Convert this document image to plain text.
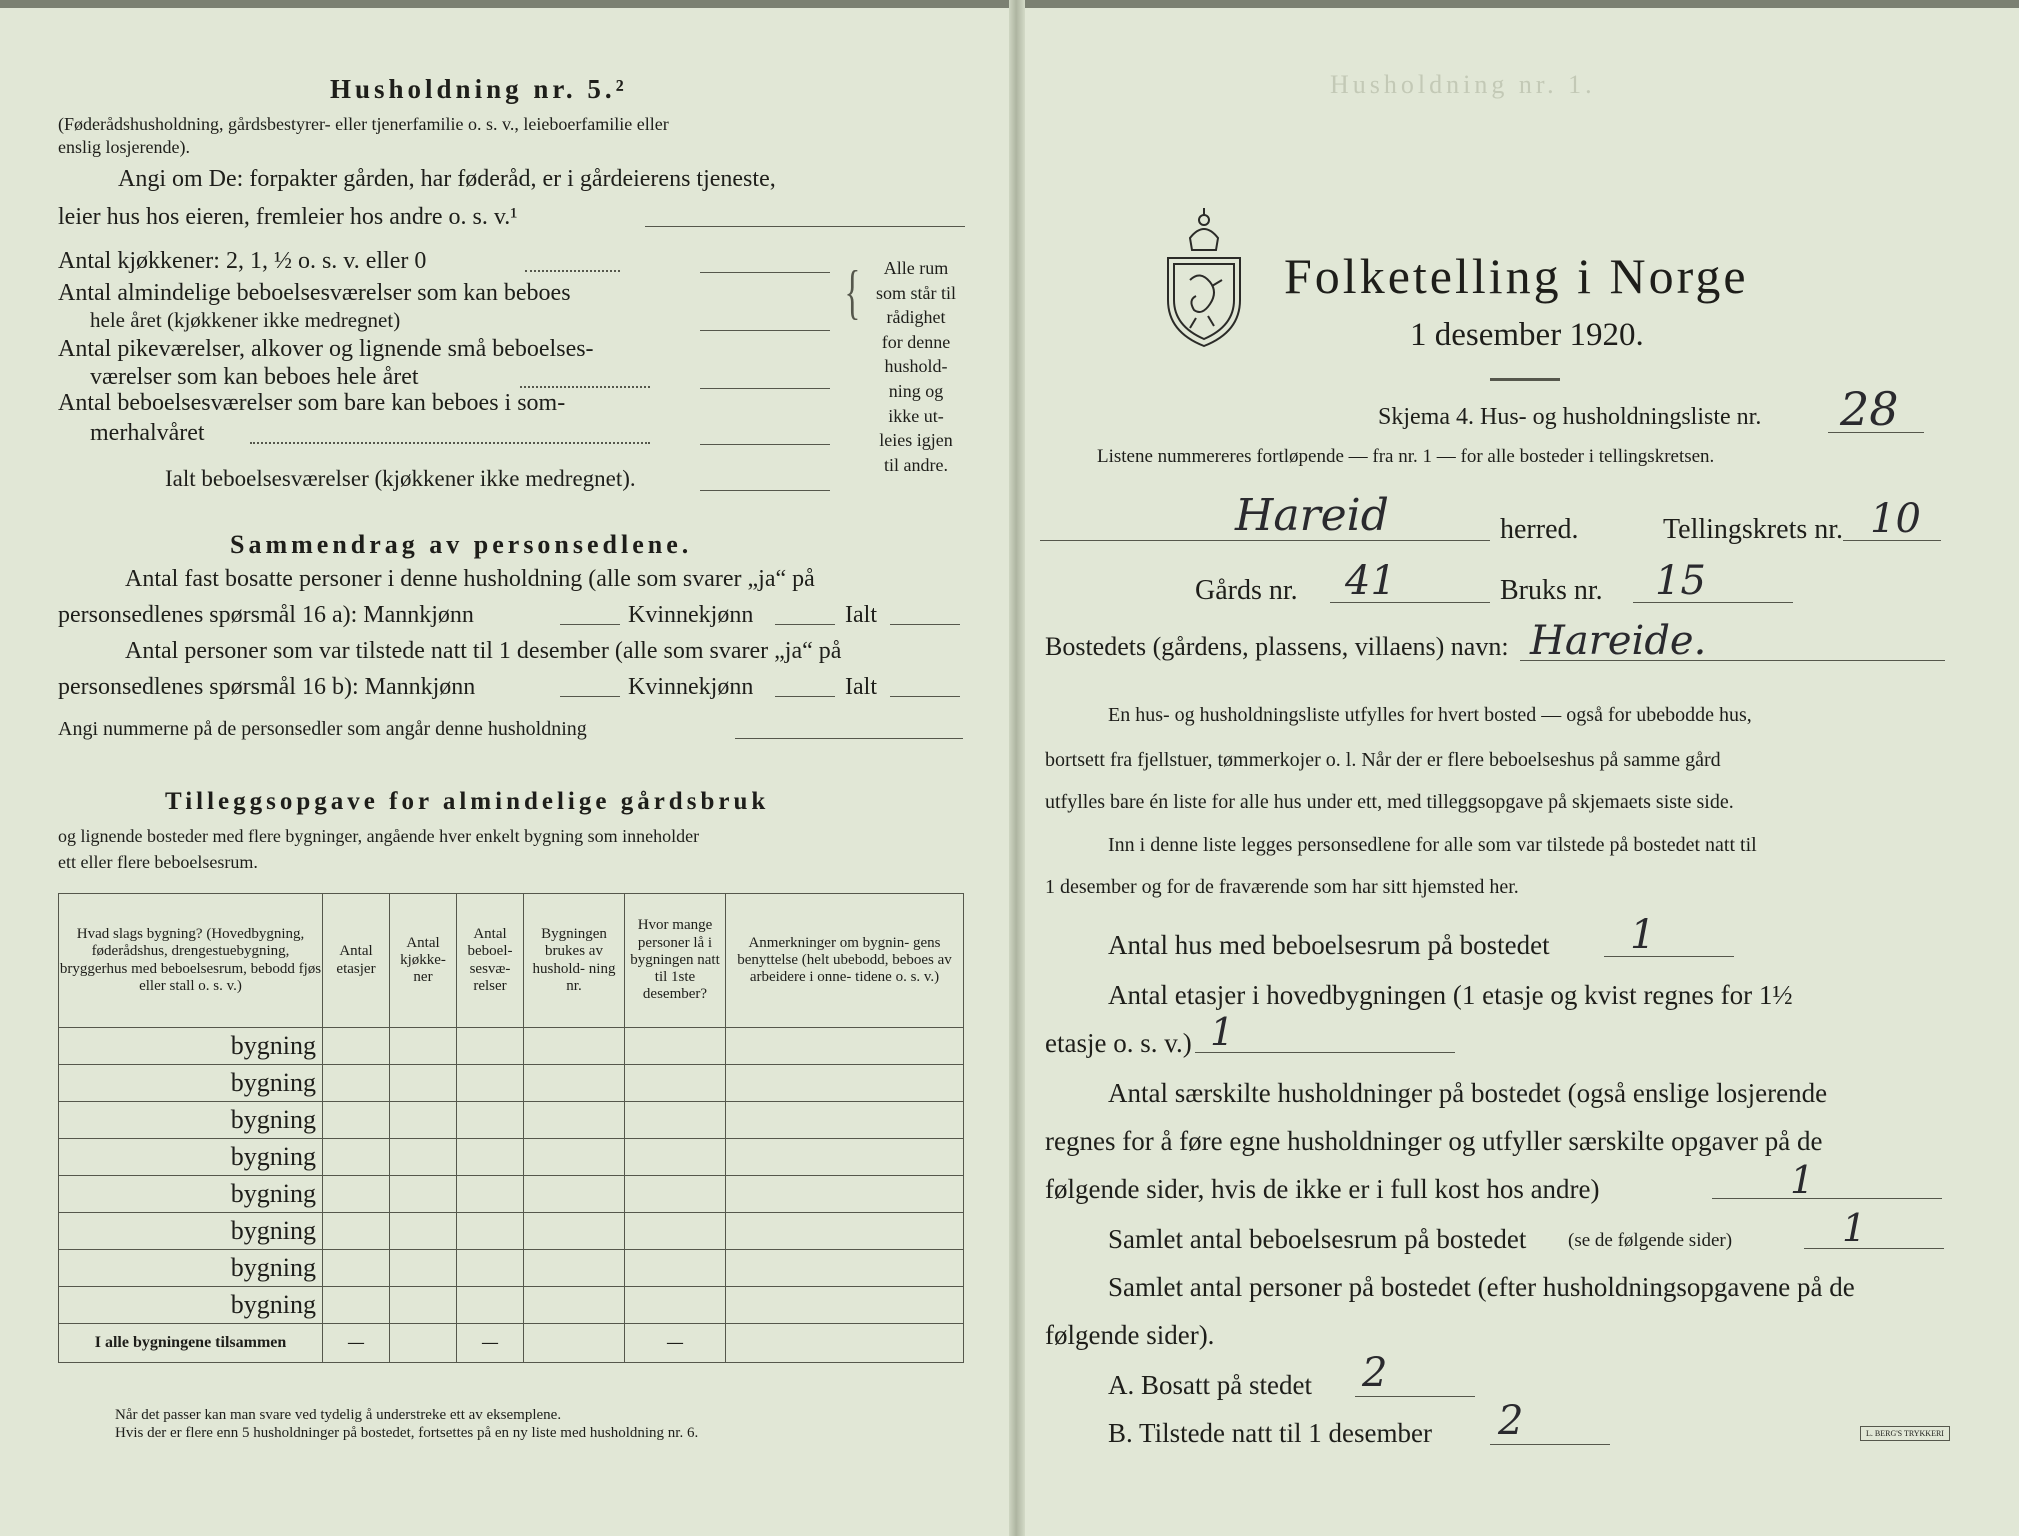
Husholdning nr. 1.
Husholdning nr. 5.²
(Føderådshusholdning, gårdsbestyrer- eller tjenerfamilie o. s. v., leieboerfamilie eller
enslig losjerende).
Angi om De: forpakter gården, har føderåd, er i gårdeierens tjeneste,
leier hus hos eieren, fremleier hos andre o. s. v.¹
Antal kjøkkener: 2, 1, ½ o. s. v. eller 0
Antal almindelige beboelsesværelser som kan beboes
hele året (kjøkkener ikke medregnet)
Antal pikeværelser, alkover og lignende små beboelses-
værelser som kan beboes hele året
Antal beboelsesværelser som bare kan beboes i som-
merhalvåret
Ialt beboelsesværelser (kjøkkener ikke medregnet).
{	Alle rum
som står til
rådighet
for denne
hushold-
ning og
ikke ut-
leies igjen
til andre.
Sammendrag av personsedlene.
Antal fast bosatte personer i denne husholdning (alle som svarer „ja“ på
personsedlenes spørsmål 16 a): Mannkjønn	Kvinnekjønn	Ialt
Antal personer som var tilstede natt til 1 desember (alle som svarer „ja“ på
personsedlenes spørsmål 16 b): Mannkjønn	Kvinnekjønn	Ialt
Angi nummerne på de personsedler som angår denne husholdning
Tilleggsopgave for almindelige gårdsbruk
og lignende bosteder med flere bygninger, angående hver enkelt bygning som inneholder
ett eller flere beboelsesrum.
Hvad slags bygning? (Hovedbygning, føderådshus, drengestuebygning, bryggerhus med beboelsesrum, bebodd fjøs eller stall o. s. v.)	Antal etasjer	Antal kjøkke- ner	Antal beboel- sesvæ- relser	Bygningen brukes av hushold- ning nr.	Hvor mange personer lå i bygningen natt til 1ste desember?	Anmerkninger om bygnin- gens benyttelse (helt ubebodd, beboes av arbeidere i onne- tidene o. s. v.)
bygning						
bygning						
bygning						
bygning						
bygning						
bygning						
bygning						
bygning						
I alle bygningene tilsammen	—		—		—	
Når det passer kan man svare ved tydelig å understreke ett av eksemplene.
Hvis der er flere enn 5 husholdninger på bostedet, fortsettes på en ny liste med husholdning nr. 6.
Folketelling i Norge
1 desember 1920.
Skjema 4. Hus- og husholdningsliste nr. 28
Listene nummereres fortløpende — fra nr. 1 — for alle bosteder i tellingskretsen.
Hareid	herred.	Tellingskrets nr. 10
Gårds nr. 41	Bruks nr. 15
Bostedets (gårdens, plassens, villaens) navn: Hareide.
En hus- og husholdningsliste utfylles for hvert bosted — også for ubebodde hus,
bortsett fra fjellstuer, tømmerkojer o. l. Når der er flere beboelseshus på samme gård
utfylles bare én liste for alle hus under ett, med tilleggsopgave på skjemaets siste side.
Inn i denne liste legges personsedlene for alle som var tilstede på bostedet natt til
1 desember og for de fraværende som har sitt hjemsted her.
Antal hus med beboelsesrum på bostedet 1
Antal etasjer i hovedbygningen (1 etasje og kvist regnes for 1½
etasje o. s. v.) 1
Antal særskilte husholdninger på bostedet (også enslige losjerende
regnes for å føre egne husholdninger og utfyller særskilte opgaver på de
følgende sider, hvis de ikke er i full kost hos andre)	1
Samlet antal beboelsesrum på bostedet (se de følgende sider)	1
Samlet antal personer på bostedet (efter husholdningsopgavene på de
følgende sider).
A. Bosatt på stedet 2
B. Tilstede natt til 1 desember 2	L. BERG'S TRYKKERI
